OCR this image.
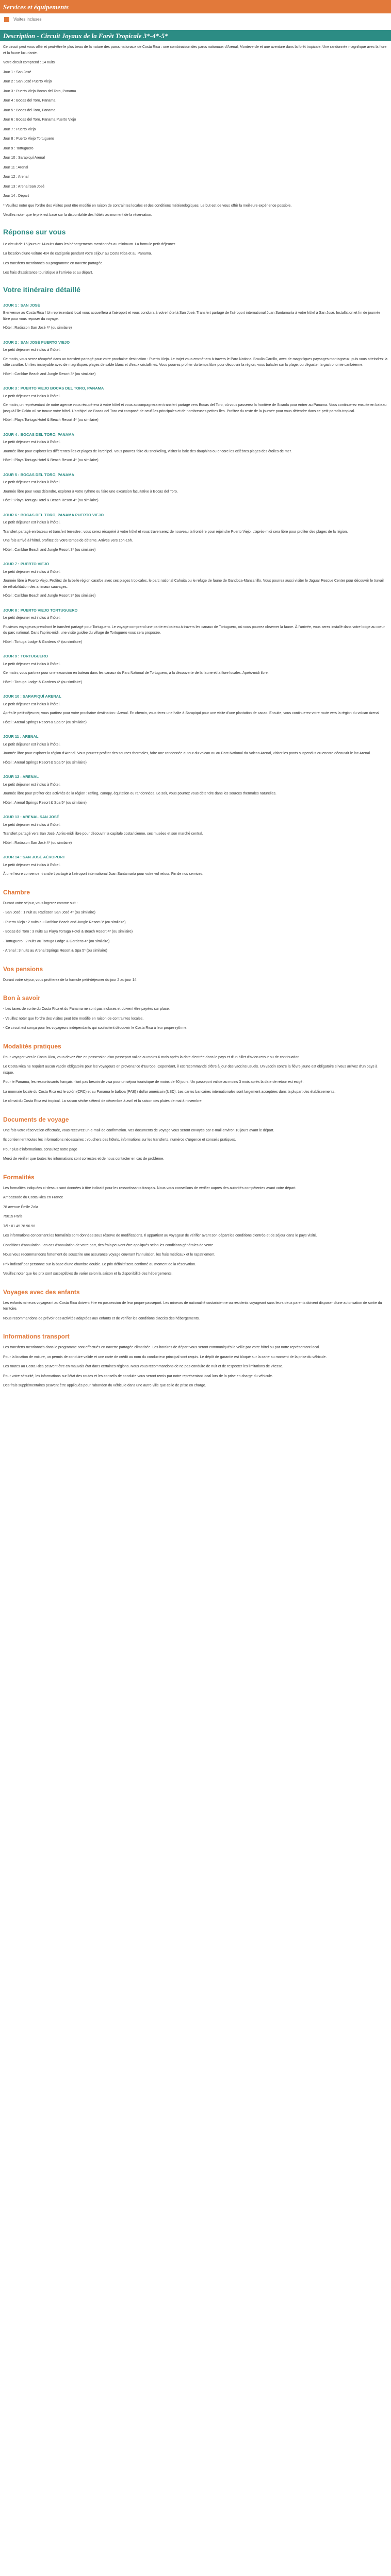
Services et équipements
Visites incluses
Description - Circuit Joyaux de la Forêt Tropicale 3*-4*-5*

Ce circuit peut vous offrir et peut-être le plus beau de la nature des parcs nationaux de Costa Rica : une combinaison des parcs nationaux d'Arenal, Monteverde et une aventure dans la forêt tropicale. Une randonnée magnifique avec la flore et la faune luxuriante.

Votre circuit comprend : 14 nuits

Jour 1 : San José

Jour 2 : San José Puerto Viejo

Jour 3 : Puerto Viejo Bocas del Toro, Panama

Jour 4 : Bocas del Toro, Panama

Jour 5 : Bocas del Toro, Panama

Jour 6 : Bocas del Toro, Panama Puerto Viejo

Jour 7 : Puerto Viejo

Jour 8 : Puerto Viejo Tortuguero

Jour 9 : Tortuguero

Jour 10 : Sarapiquí Arenal

Jour 11 : Arenal

Jour 12 : Arenal

Jour 13 : Arenal San José

Jour 14 : Départ

* Veuillez noter que l'ordre des visites peut être modifié en raison de contraintes locales et des conditions météorologiques. Le but est de vous offrir la meilleure expérience possible.

Veuillez noter que le prix est basé sur la disponibilité des hôtels au moment de la réservation.

Réponse sur vous

Le circuit de 15 jours et 14 nuits dans les hébergements mentionnés au minimum. La formule petit-déjeuner.

La location d'une voiture 4x4 de catégorie pendant votre séjour au Costa Rica et au Panama.

Les transferts mentionnés au programme en navette partagée.

Les frais d'assistance touristique à l'arrivée et au départ.

Votre itinéraire détaillé
JOUR 1 : SAN JOSÉ

Bienvenue au Costa Rica ! Un représentant local vous accueillera à l'aéroport et vous conduira à votre hôtel à San José. Transfert partagé de l'aéroport international Juan Santamaría à votre hôtel à San José. Installation et fin de journée libre pour vous reposer du voyage.

Hôtel : Radisson San José 4* (ou similaire)

JOUR 2 : SAN JOSÉ PUERTO VIEJO

Le petit déjeuner est inclus à l'hôtel.

Ce matin, vous serez récupéré dans un transfert partagé pour votre prochaine destination : Puerto Viejo. Le trajet vous emmènera à travers le Parc National Braulio Carrillo, avec de magnifiques paysages montagneux, puis vous atteindrez la côte caraïbe. Un lieu incroyable avec de magnifiques plages de sable blanc et d'eaux cristallines. Vous pourrez profiter du temps libre pour découvrir la région, vous balader sur la plage, ou déguster la gastronomie caribéenne.

Hôtel : Cariblue Beach and Jungle Resort 3* (ou similaire)

JOUR 3 : PUERTO VIEJO BOCAS DEL TORO, PANAMA

Le petit déjeuner est inclus à l'hôtel.

Ce matin, un représentant de notre agence vous récupérera à votre hôtel et vous accompagnera en transfert partagé vers Bocas del Toro, où vous passerez la frontière de Sixaola pour entrer au Panama. Vous continuerez ensuite en bateau jusqu'à l'île Colón où se trouve votre hôtel. L'archipel de Bocas del Toro est composé de neuf îles principales et de nombreuses petites îles. Profitez du reste de la journée pour vous détendre dans ce petit paradis tropical.

Hôtel : Playa Tortuga Hotel & Beach Resort 4* (ou similaire)

JOUR 4 : BOCAS DEL TORO, PANAMA

Le petit déjeuner est inclus à l'hôtel.

Journée libre pour explorer les différentes îles et plages de l'archipel. Vous pourrez faire du snorkeling, visiter la baie des dauphins ou encore les célèbres plages des étoiles de mer.

Hôtel : Playa Tortuga Hotel & Beach Resort 4* (ou similaire)

JOUR 5 : BOCAS DEL TORO, PANAMA

Le petit déjeuner est inclus à l'hôtel.

Journée libre pour vous détendre, explorer à votre rythme ou faire une excursion facultative à Bocas del Toro.

Hôtel : Playa Tortuga Hotel & Beach Resort 4* (ou similaire)

JOUR 6 : BOCAS DEL TORO, PANAMA PUERTO VIEJO

Le petit déjeuner est inclus à l'hôtel.

Transfert partagé en bateau et transfert terrestre : vous serez récupéré à votre hôtel et vous traverserez de nouveau la frontière pour rejoindre Puerto Viejo. L'après-midi sera libre pour profiter des plages de la région.

Une fois arrivé à l'hôtel, profitez de votre temps de détente. Arrivée vers 15h-16h.

Hôtel : Cariblue Beach and Jungle Resort 3* (ou similaire)

JOUR 7 : PUERTO VIEJO

Le petit déjeuner est inclus à l'hôtel.

Journée libre à Puerto Viejo. Profitez de la belle région caraïbe avec ses plages tropicales, le parc national Cahuita ou le refuge de faune de Gandoca-Manzanillo. Vous pourrez aussi visiter le Jaguar Rescue Center pour découvrir le travail de réhabilitation des animaux sauvages.

Hôtel : Cariblue Beach and Jungle Resort 3* (ou similaire)

JOUR 8 : PUERTO VIEJO TORTUGUERO

Le petit déjeuner est inclus à l'hôtel.

Plusieurs voyageurs prendront le transfert partagé pour Tortuguero. Le voyage comprend une partie en bateau à travers les canaux de Tortuguero, où vous pourrez observer la faune. À l'arrivée, vous serez installé dans votre lodge au cœur du parc national. Dans l'après-midi, une visite guidée du village de Tortuguero vous sera proposée.

Hôtel : Tortuga Lodge & Gardens 4* (ou similaire)

JOUR 9 : TORTUGUERO

Le petit déjeuner est inclus à l'hôtel.

Ce matin, vous partirez pour une excursion en bateau dans les canaux du Parc National de Tortuguero, à la découverte de la faune et la flore locales. Après-midi libre.

Hôtel : Tortuga Lodge & Gardens 4* (ou similaire)

JOUR 10 : SARAPIQUÍ ARENAL

Le petit déjeuner est inclus à l'hôtel.

Après le petit-déjeuner, vous partirez pour votre prochaine destination : Arenal. En chemin, vous ferez une halte à Sarapiquí pour une visite d'une plantation de cacao. Ensuite, vous continuerez votre route vers la région du volcan Arenal.

Hôtel : Arenal Springs Resort & Spa 5* (ou similaire)

JOUR 11 : ARENAL

Le petit déjeuner est inclus à l'hôtel.

Journée libre pour explorer la région d'Arenal. Vous pourrez profiter des sources thermales, faire une randonnée autour du volcan ou au Parc National du Volcan Arenal, visiter les ponts suspendus ou encore découvrir le lac Arenal.

Hôtel : Arenal Springs Resort & Spa 5* (ou similaire)

JOUR 12 : ARENAL

Le petit déjeuner est inclus à l'hôtel.

Journée libre pour profiter des activités de la région : rafting, canopy, équitation ou randonnées. Le soir, vous pourrez vous détendre dans les sources thermales naturelles.

Hôtel : Arenal Springs Resort & Spa 5* (ou similaire)

JOUR 13 : ARENAL SAN JOSÉ

Le petit déjeuner est inclus à l'hôtel.

Transfert partagé vers San José. Après-midi libre pour découvrir la capitale costaricienne, ses musées et son marché central.

Hôtel : Radisson San José 4* (ou similaire)

JOUR 14 : SAN JOSÉ AÉROPORT

Le petit déjeuner est inclus à l'hôtel.

À une heure convenue, transfert partagé à l'aéroport international Juan Santamaría pour votre vol retour. Fin de nos services.

Chambre

Durant votre séjour, vous logerez comme suit :

- San José : 1 nuit au Radisson San José 4* (ou similaire)

- Puerto Viejo : 2 nuits au Cariblue Beach and Jungle Resort 3* (ou similaire)

- Bocas del Toro : 3 nuits au Playa Tortuga Hotel & Beach Resort 4* (ou similaire)

- Tortuguero : 2 nuits au Tortuga Lodge & Gardens 4* (ou similaire)

- Arenal : 3 nuits au Arenal Springs Resort & Spa 5* (ou similaire)

Vos pensions

Durant votre séjour, vous profiterez de la formule petit-déjeuner du jour 2 au jour 14.

Bon à savoir

- Les taxes de sortie du Costa Rica et du Panama ne sont pas incluses et doivent être payées sur place.

- Veuillez noter que l'ordre des visites peut être modifié en raison de contraintes locales.

- Ce circuit est conçu pour les voyageurs indépendants qui souhaitent découvrir le Costa Rica à leur propre rythme.

Modalités pratiques

Pour voyager vers le Costa Rica, vous devez être en possession d'un passeport valide au moins 6 mois après la date d'entrée dans le pays et d'un billet d'avion retour ou de continuation.

Le Costa Rica ne requiert aucun vaccin obligatoire pour les voyageurs en provenance d'Europe. Cependant, il est recommandé d'être à jour des vaccins usuels. Un vaccin contre la fièvre jaune est obligatoire si vous arrivez d'un pays à risque.

Pour le Panama, les ressortissants français n'ont pas besoin de visa pour un séjour touristique de moins de 90 jours. Un passeport valide au moins 3 mois après la date de retour est exigé.

La monnaie locale du Costa Rica est le colón (CRC) et au Panama le balboa (PAB) / dollar américain (USD). Les cartes bancaires internationales sont largement acceptées dans la plupart des établissements.

Le climat du Costa Rica est tropical. La saison sèche s'étend de décembre à avril et la saison des pluies de mai à novembre.

Documents de voyage

Une fois votre réservation effectuée, vous recevrez un e-mail de confirmation. Vos documents de voyage vous seront envoyés par e-mail environ 10 jours avant le départ.

Ils contiennent toutes les informations nécessaires : vouchers des hôtels, informations sur les transferts, numéros d'urgence et conseils pratiques.

Pour plus d'informations, consultez notre page

Merci de vérifier que toutes les informations sont correctes et de nous contacter en cas de problème.

Formalités

Les formalités indiquées ci-dessus sont données à titre indicatif pour les ressortissants français. Nous vous conseillons de vérifier auprès des autorités compétentes avant votre départ.

Ambassade du Costa Rica en France

78 avenue Émile Zola

75015 Paris

Tél : 01 45 78 96 96

Les informations concernant les formalités sont données sous réserve de modifications. Il appartient au voyageur de vérifier avant son départ les conditions d'entrée et de séjour dans le pays visité.

Conditions d'annulation : en cas d'annulation de votre part, des frais peuvent être appliqués selon les conditions générales de vente.

Nous vous recommandons fortement de souscrire une assurance voyage couvrant l'annulation, les frais médicaux et le rapatriement.

Prix indicatif par personne sur la base d'une chambre double. Le prix définitif sera confirmé au moment de la réservation.

Veuillez noter que les prix sont susceptibles de varier selon la saison et la disponibilité des hébergements.

Voyages avec des enfants

Les enfants mineurs voyageant au Costa Rica doivent être en possession de leur propre passeport. Les mineurs de nationalité costaricienne ou résidents voyageant sans leurs deux parents doivent disposer d'une autorisation de sortie du territoire.

Nous recommandons de prévoir des activités adaptées aux enfants et de vérifier les conditions d'accès des hébergements.

Informations transport

Les transferts mentionnés dans le programme sont effectués en navette partagée climatisée. Les horaires de départ vous seront communiqués la veille par votre hôtel ou par notre représentant local.

Pour la location de voiture, un permis de conduire valide et une carte de crédit au nom du conducteur principal sont requis. Le dépôt de garantie est bloqué sur la carte au moment de la prise du véhicule.

Les routes au Costa Rica peuvent être en mauvais état dans certaines régions. Nous vous recommandons de ne pas conduire de nuit et de respecter les limitations de vitesse.

Pour votre sécurité, les informations sur l'état des routes et les conseils de conduite vous seront remis par notre représentant local lors de la prise en charge du véhicule.

Des frais supplémentaires peuvent être appliqués pour l'abandon du véhicule dans une autre ville que celle de prise en charge.
